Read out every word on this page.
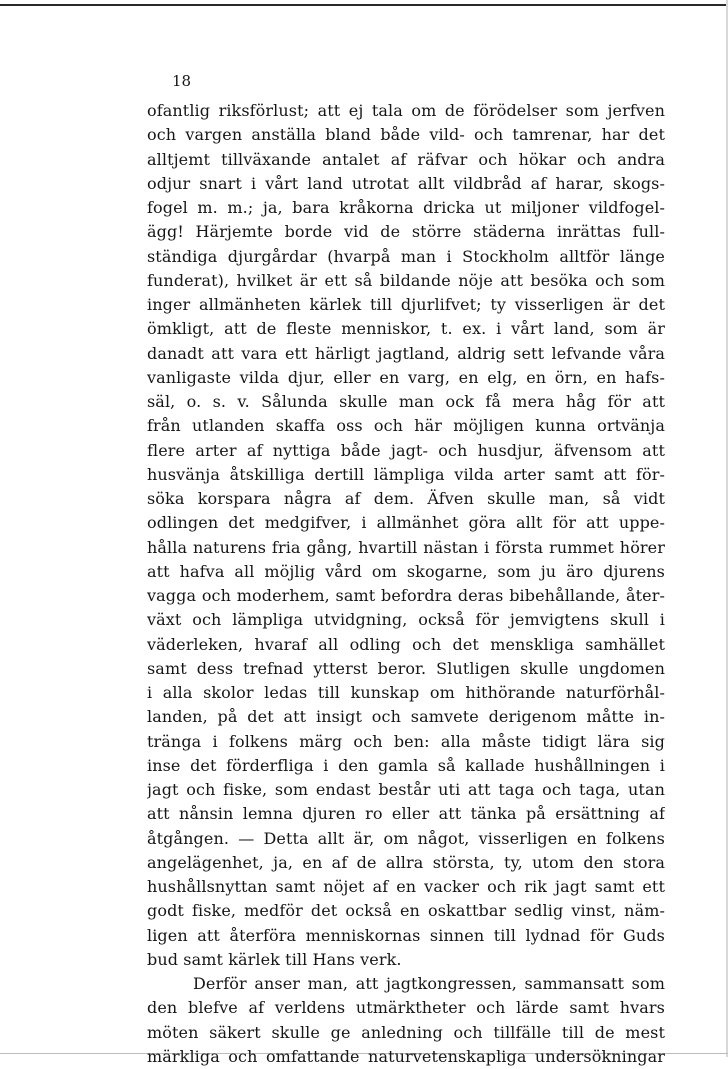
18
ofantlig riksförlust; att ej tala om de förödelser som jerfven
och vargen anställa bland både vild- och tamrenar, har det
alltjemt tillväxande antalet af räfvar och hökar och andra
odjur snart i vårt land utrotat allt vildbråd af harar, skogs-
fogel m. m.; ja, bara kråkorna dricka ut miljoner vildfogel-
ägg! Härjemte borde vid de större städerna inrättas full-
ständiga djurgårdar (hvarpå man i Stockholm alltför länge
funderat), hvilket är ett så bildande nöje att besöka och som
inger allmänheten kärlek till djurlifvet; ty visserligen är det
ömkligt, att de fleste menniskor, t. ex. i vårt land, som är
danadt att vara ett härligt jagtland, aldrig sett lefvande våra
vanligaste vilda djur, eller en varg, en elg, en örn, en hafs-
säl, o. s. v. Sålunda skulle man ock få mera håg för att
från utlanden skaffa oss och här möjligen kunna ortvänja
flere arter af nyttiga både jagt- och husdjur, äfvensom att
husvänja åtskilliga dertill lämpliga vilda arter samt att för-
söka korspara några af dem. Äfven skulle man, så vidt
odlingen det medgifver, i allmänhet göra allt för att uppe-
hålla naturens fria gång, hvartill nästan i första rummet hörer
att hafva all möjlig vård om skogarne, som ju äro djurens
vagga och moderhem, samt befordra deras bibehållande, åter-
växt och lämpliga utvidgning, också för jemvigtens skull i
väderleken, hvaraf all odling och det menskliga samhället
samt dess trefnad ytterst beror. Slutligen skulle ungdomen
i alla skolor ledas till kunskap om hithörande naturförhål-
landen, på det att insigt och samvete derigenom måtte in-
tränga i folkens märg och ben: alla måste tidigt lära sig
inse det förderfliga i den gamla så kallade hushållningen i
jagt och fiske, som endast består uti att taga och taga, utan
att nånsin lemna djuren ro eller att tänka på ersättning af
åtgången. — Detta allt är, om något, visserligen en folkens
angelägenhet, ja, en af de allra största, ty, utom den stora
hushållsnyttan samt nöjet af en vacker och rik jagt samt ett
godt fiske, medför det också en oskattbar sedlig vinst, näm-
ligen att återföra menniskornas sinnen till lydnad för Guds
bud samt kärlek till Hans verk.
Derför anser man, att jagtkongressen, sammansatt som
den blefve af verldens utmärktheter och lärde samt hvars
möten säkert skulle ge anledning och tillfälle till de mest
märkliga och omfattande naturvetenskapliga undersökningar
